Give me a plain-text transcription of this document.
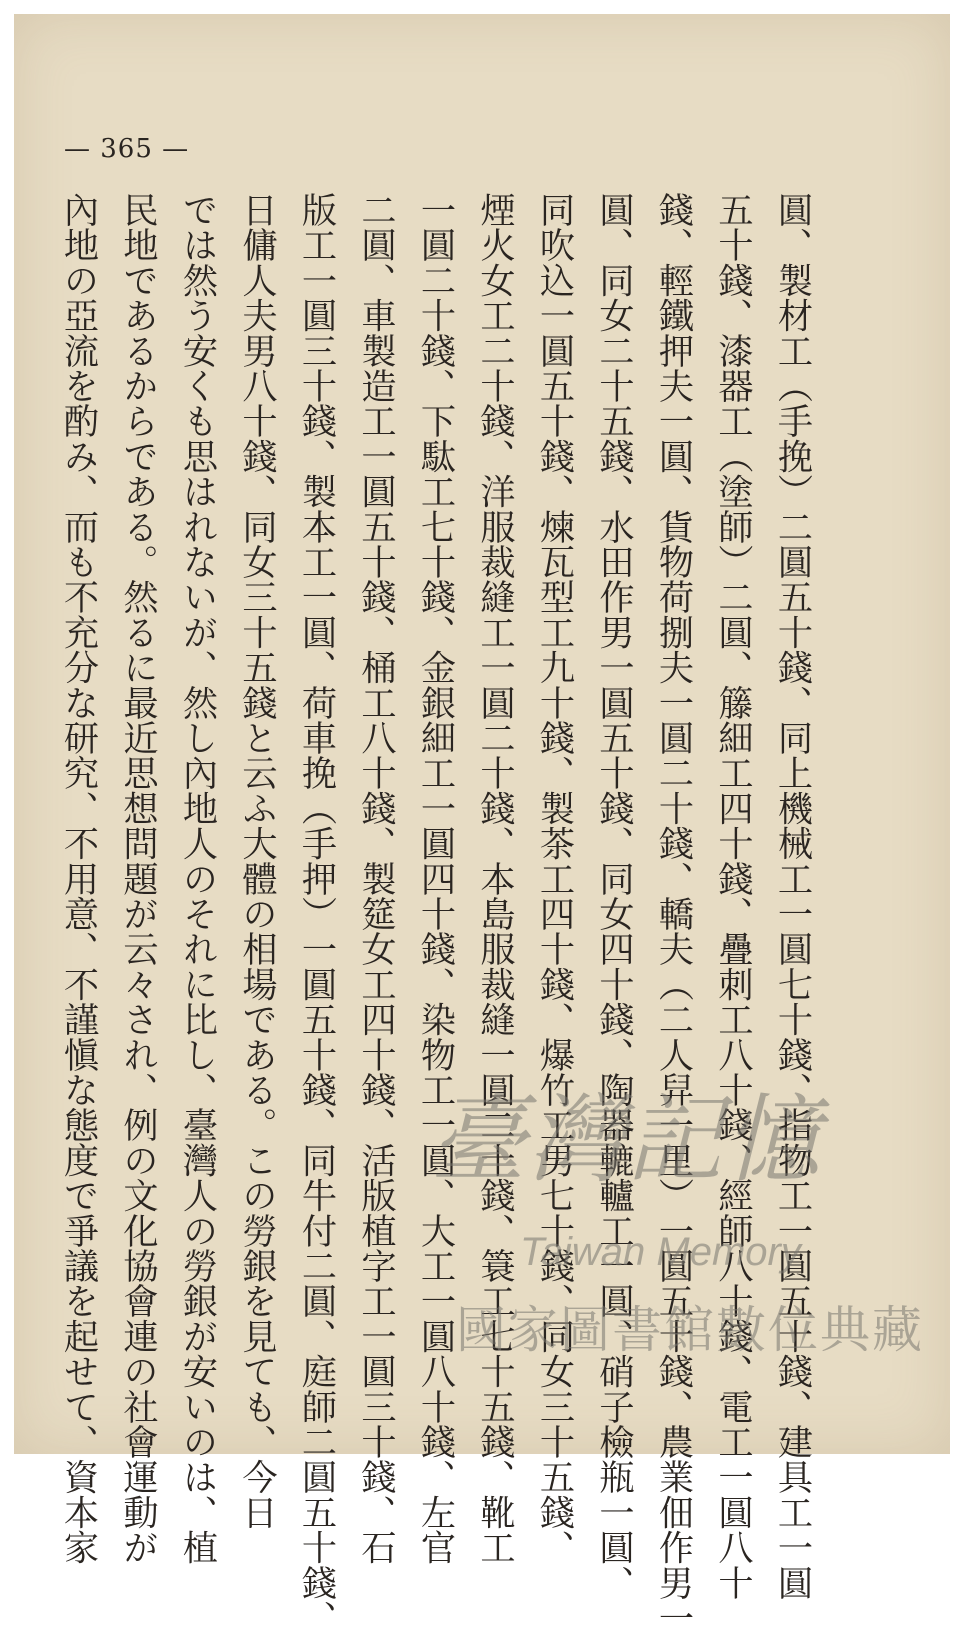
— 365 —
圓、製材工（手挽）二圓五十錢、同上機械工一圓七十錢、指物工一圓五十錢、建具工一圓
五十錢、漆器工（塗師）二圓、籐細工四十錢、疊刺工八十錢、經師八十錢、電工一圓八十
錢、輕鐵押夫一圓、貨物荷捌夫一圓二十錢、轎夫（二人舁一里）一圓五十錢、農業佃作男一
圓、同女二十五錢、水田作男一圓五十錢、同女四十錢、陶器轆轤工一圓、硝子檢瓶一圓、
同吹込一圓五十錢、煉瓦型工九十錢、製茶工四十錢、爆竹工男七十錢、同女三十五錢、
煙火女工二十錢、洋服裁縫工一圓二十錢、本島服裁縫一圓二十錢、簑工七十五錢、靴工
一圓二十錢、下駄工七十錢、金銀細工一圓四十錢、染物工一圓、大工一圓八十錢、左官
二圓、車製造工一圓五十錢、桶工八十錢、製筵女工四十錢、活版植字工一圓三十錢、石
版工一圓三十錢、製本工一圓、荷車挽（手押）一圓五十錢、同牛付二圓、庭師二圓五十錢、
日傭人夫男八十錢、同女三十五錢と云ふ大體の相場である。この勞銀を見ても、今日
では然う安くも思はれないが、然し內地人のそれに比し、臺灣人の勞銀が安いのは、植
民地であるからである。然るに最近思想問題が云々され、例の文化協會連の社會運動が
內地の亞流を酌み、而も不充分な研究、不用意、不謹愼な態度で爭議を起せて、資本家	臺灣記憶
Taiwan Memory
國家圖書館數位典藏
